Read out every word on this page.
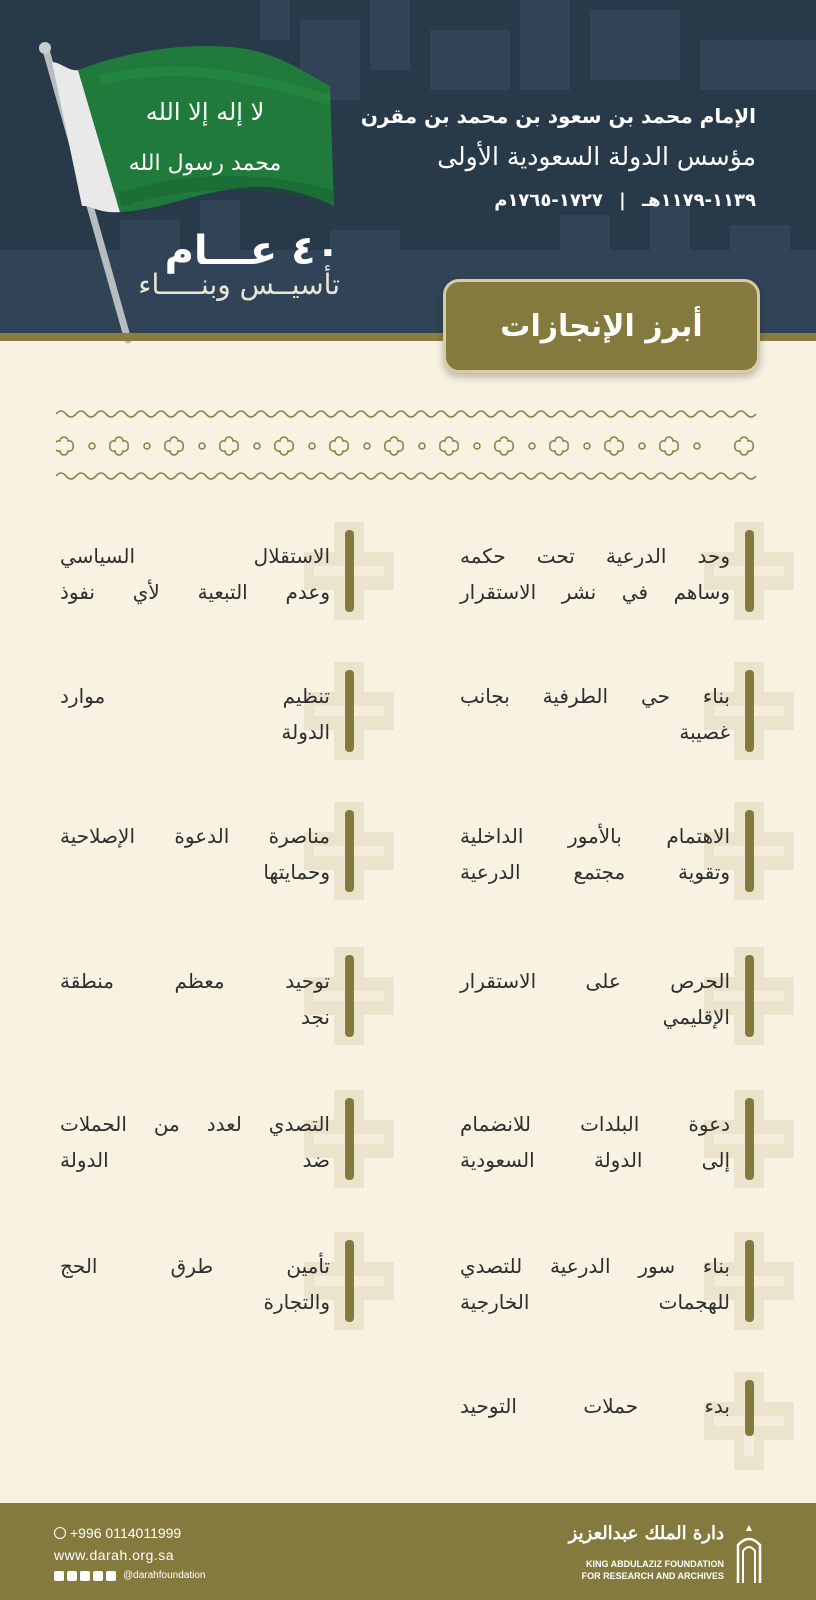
٤٠ عـــام
تأسيــس وبنـــــاء
الإمام محمد بن سعود بن محمد بن مقرن
مؤسس الدولة السعودية الأولى
١١٣٩-١١٧٩هـ | ١٧٢٧-١٧٦٥م
لا إله إلا الله
محمد رسول الله
أبرز الإنجازات
وحد الدرعية تحت حكمه
وساهم في نشر الاستقرار
بناء حي الطرفية بجانب
غصيبة
الاهتمام بالأمور الداخلية
وتقوية مجتمع الدرعية
الحرص على الاستقرار
الإقليمي
دعوة البلدات للانضمام
إلى الدولة السعودية
بناء سور الدرعية للتصدي
للهجمات الخارجية
بدء حملات التوحيد
الاستقلال السياسي
وعدم التبعية لأي نفوذ
تنظيم موارد
الدولة
مناصرة الدعوة الإصلاحية
وحمايتها
توحيد معظم منطقة
نجد
التصدي لعدد من الحملات
ضد الدولة
تأمين طرق الحج
والتجارة
+996 0114011999
www.darah.org.sa
@darahfoundation
دارة الملك عبدالعزيز
KING ABDULAZIZ FOUNDATION
FOR RESEARCH AND ARCHIVES
